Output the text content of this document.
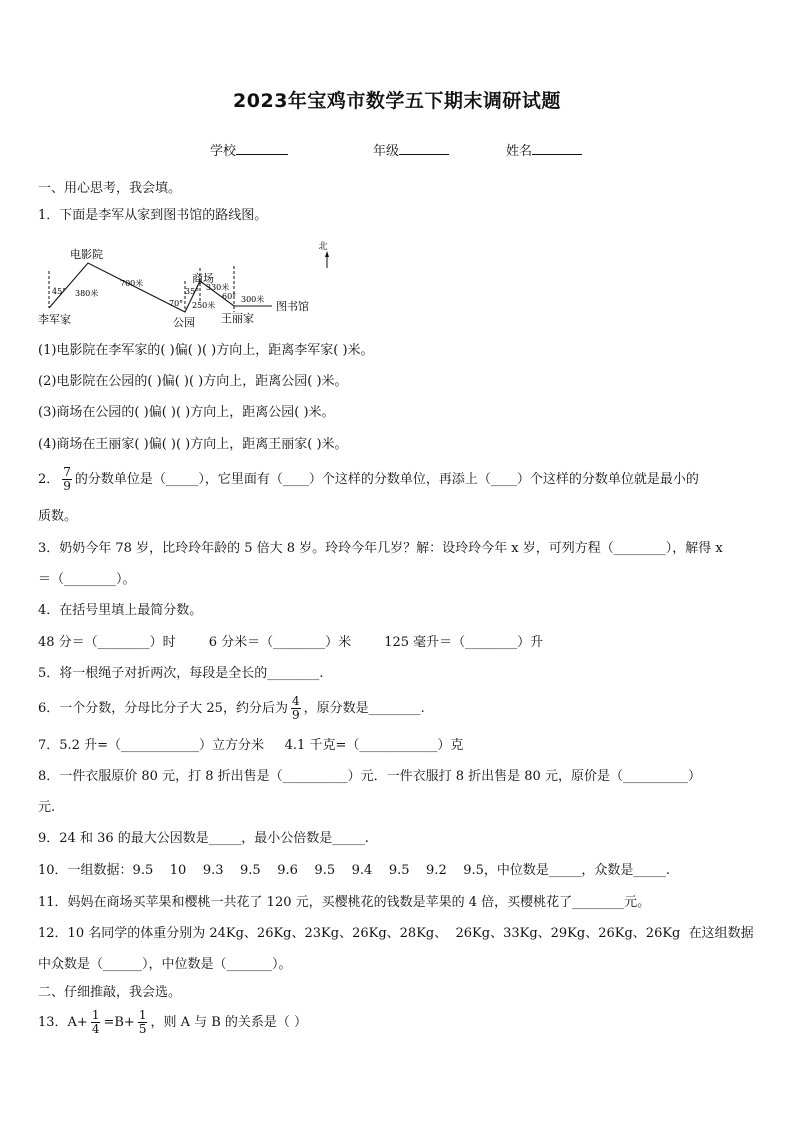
2023年宝鸡市数学五下期末调研试题
学校	年级	姓名
一、用心思考，我会填。
1．下面是李军从家到图书馆的路线图。
北
李军家
电影院
公园
商场
王丽家
图书馆
45°
70°
35°
60°
380米
700米
250米
330米
300米
(1)电影院在李军家的( )偏( )( )方向上，距离李军家( )米。
(2)电影院在公园的( )偏( )( )方向上，距离公园( )米。
(3)商场在公园的( )偏( )( )方向上，距离公园( )米。
(4)商场在王丽家( )偏( )( )方向上，距离王丽家( )米。
2． $\frac{7}{9}$ 的分数单位是（_____），它里面有（____）个这样的分数单位，再添上（____）个这样的分数单位就是最小的
质数。
3．奶奶今年 78 岁，比玲玲年龄的 5 倍大 8 岁。玲玲今年几岁？解：设玲玲今年 x 岁，可列方程（________），解得 x
＝（________）。
4．在括号里填上最简分数。
48 分＝（________）时        6 分米＝（________）米        125 毫升＝（________）升
5．将一根绳子对折两次，每段是全长的________.
6．一个分数，分母比分子大 25，约分后为 $\frac{4}{9}$ ，原分数是________.
7．5.2 升=（____________）立方分米     4.1 千克=（____________）克
8．一件衣服原价 80 元，打 8 折出售是（__________）元．一件衣服打 8 折出售是 80 元，原价是（__________）
元.
9．24 和 36 的最大公因数是_____，最小公倍数是_____.
10．一组数据：9.5    10    9.3    9.5    9.6    9.5    9.4    9.5    9.2    9.5，中位数是_____，众数是_____.
11．妈妈在商场买苹果和樱桃一共花了 120 元，买樱桃花的钱数是苹果的 4 倍，买樱桃花了________元。
12．10 名同学的体重分别为 24Kg、26Kg、23Kg、26Kg、28Kg、  26Kg、33Kg、29Kg、26Kg、26Kg  在这组数据
中众数是（______），中位数是（_______）。
二、仔细推敲，我会选。
13．$A+ \frac{1}{4} =B+ \frac{1}{5}$ ，则 A 与 B 的关系是（ ）
